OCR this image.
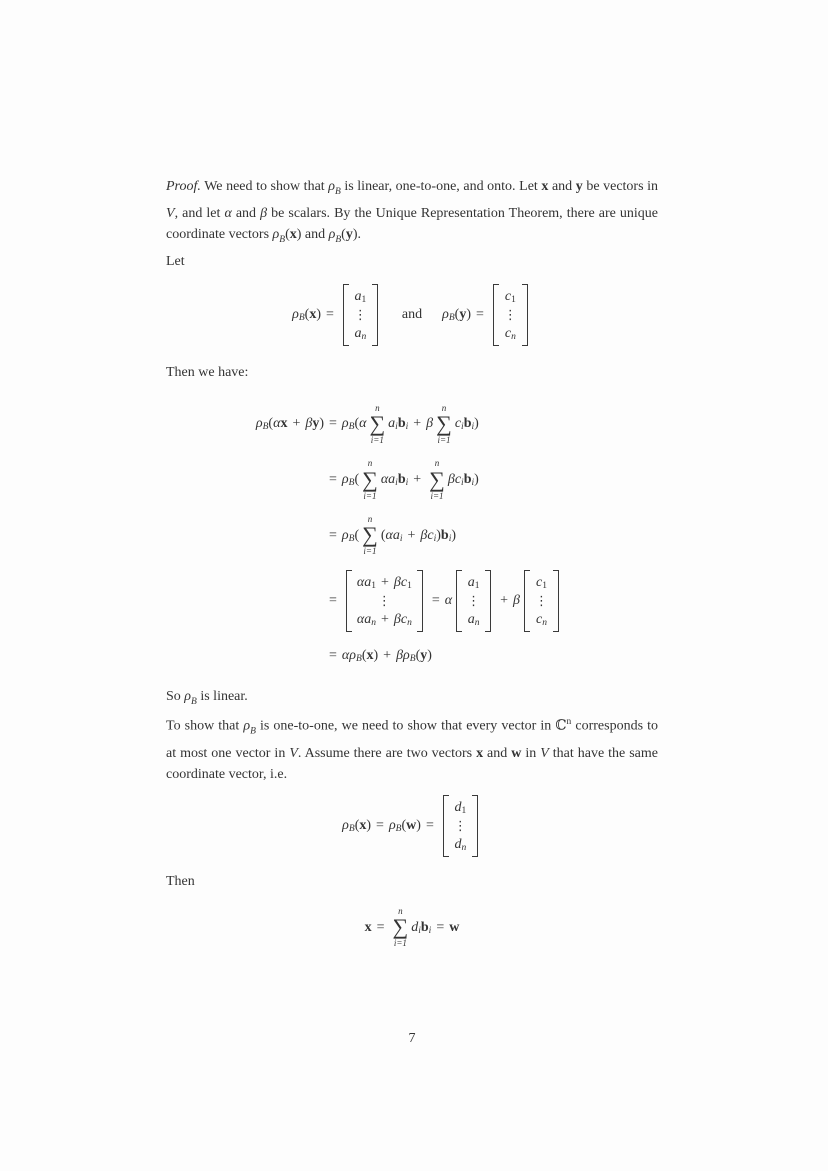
Proof. We need to show that $\rho_B$ is linear, one-to-one, and onto. Let x and y be vectors in V, and let α and β be scalars. By the Unique Representation Theorem, there are unique coordinate vectors $\rho_B(x)$ and $\rho_B(y)$.

Let

$\rho_B$ ( x ) =
$a_1$
⋮
$a_n$
and $\rho_B$ ( y ) =
$c_1$
⋮
$c_n$

Then we have:

$\rho_B$ ( α x + β y ) = $\rho_B$ ( α
n
∑
i=1
$a_i$ $b_i + \beta$
n
∑
i=1
$c_i$ $b_i$ )
= $\rho_B$ (
n
∑
i=1
α $a_i$ $b_i$ +
n
∑
i=1
β $c_i$ $b_i$ )
= $\rho_B$ (
n
∑
i=1
( α $a_i + \beta$ $c_i$ ) $b_i$ )
=
α $a_1 + \beta$ $c_1$
⋮
α $a_n + \beta$ $c_n$
= α
$a_1$
⋮
$a_n$
+ β
$c_1$
⋮
$c_n$
= α $\rho_B$ ( x ) + β $\rho_B$ ( y )

So $\rho_B$ is linear.

To show that $\rho_B$ is one-to-one, we need to show that every vector in ℂ$^n$ corresponds to at most one vector in V. Assume there are two vectors x and w in V that have the same coordinate vector, i.e.

$\rho_B$ ( x ) = $\rho_B$ ( w ) =
$d_1$
⋮
$d_n$

Then

x =
n
∑
i=1
$d_i$ $b_i = w$
7
